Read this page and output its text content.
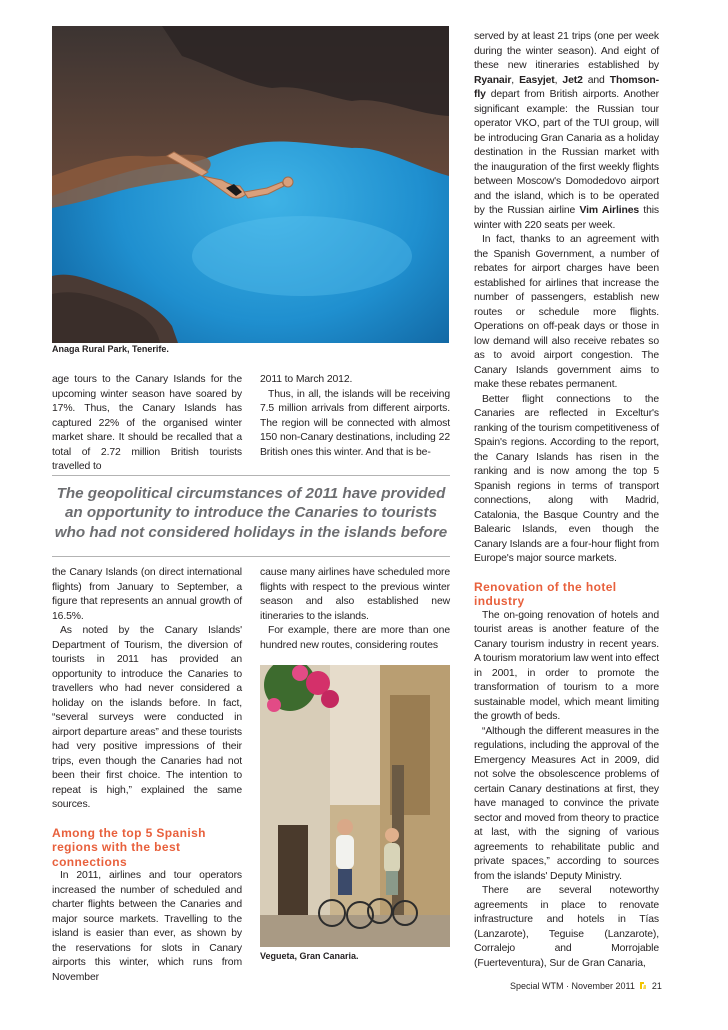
Anaga Rural Park, Tenerife.

age tours to the Canary Islands for the upcoming winter season have soared by 17%. Thus, the Canary Islands has captured 22% of the organised winter market share. It should be recalled that a total of 2.72 million British tourists travelled to

2011 to March 2012.

Thus, in all, the islands will be receiving 7.5 million arrivals from different airports. The region will be connected with almost 150 non-Canary destinations, including 22 British ones this winter. And that is be-

The geopolitical circumstances of 2011 have provided
an opportunity to introduce the Canaries to tourists
who had not considered holidays in the islands before

the Canary Islands (on direct international flights) from January to September, a figure that represents an annual growth of 16.5%.

As noted by the Canary Islands' Department of Tourism, the diversion of tourists in 2011 has provided an opportunity to introduce the Canaries to travellers who had never considered a holiday on the islands before. In fact, “several surveys were conducted in airport departure areas” and these tourists had very positive impressions of their trips, even though the Canaries had not been their first choice. The intention to repeat is high,” explained the same sources.

Among the top 5 Spanish regions with the best connections

In 2011, airlines and tour operators increased the number of scheduled and charter flights between the Canaries and major source markets. Travelling to the island is easier than ever, as shown by the reservations for slots in Canary airports this winter, which runs from November

cause many airlines have scheduled more flights with respect to the previous winter season and also established new itineraries to the islands.

For example, there are more than one hundred new routes, considering routes

Vegueta, Gran Canaria.

served by at least 21 trips (one per week during the winter season). And eight of these new itineraries established by Ryanair, Easyjet, Jet2 and Thomson-fly depart from British airports. Another significant example: the Russian tour operator VKO, part of the TUI group, will be introducing Gran Canaria as a holiday destination in the Russian market with the inauguration of the first weekly flights between Moscow's Domodedovo airport and the island, which is to be operated by the Russian airline Vim Airlines this winter with 220 seats per week.

In fact, thanks to an agreement with the Spanish Government, a number of rebates for airport charges have been established for airlines that increase the number of passengers, establish new routes or schedule more flights. Operations on off-peak days or those in low demand will also receive rebates so as to avoid airport congestion. The Canary Islands government aims to make these rebates permanent.

Better flight connections to the Canaries are reflected in Exceltur's ranking of the tourism competitiveness of Spain's regions. According to the report, the Canary Islands has risen in the ranking and is now among the top 5 Spanish regions in terms of transport connections, along with Madrid, Catalonia, the Basque Country and the Balearic Islands, even though the Canary Islands are a four-hour flight from Europe's major source markets.

Renovation of the hotel industry

The on-going renovation of hotels and tourist areas is another feature of the Canary tourism industry in recent years. A tourism moratorium law went into effect in 2001, in order to promote the transformation of tourism to a more sustainable model, which meant limiting the growth of beds.

“Although the different measures in the regulations, including the approval of the Emergency Measures Act in 2009, did not solve the obsolescence problems of certain Canary destinations at first, they have managed to convince the private sector and moved from theory to practice at last, with the signing of various agreements to rehabilitate public and private spaces,” according to sources from the islands' Deputy Ministry.

There are several noteworthy agreements in place to renovate infrastructure and hotels in Tías (Lanzarote), Teguise (Lanzarote), Corralejo and Morrojable (Fuerteventura), Sur de Gran Canaria,

Special WTM · November 2011 21
